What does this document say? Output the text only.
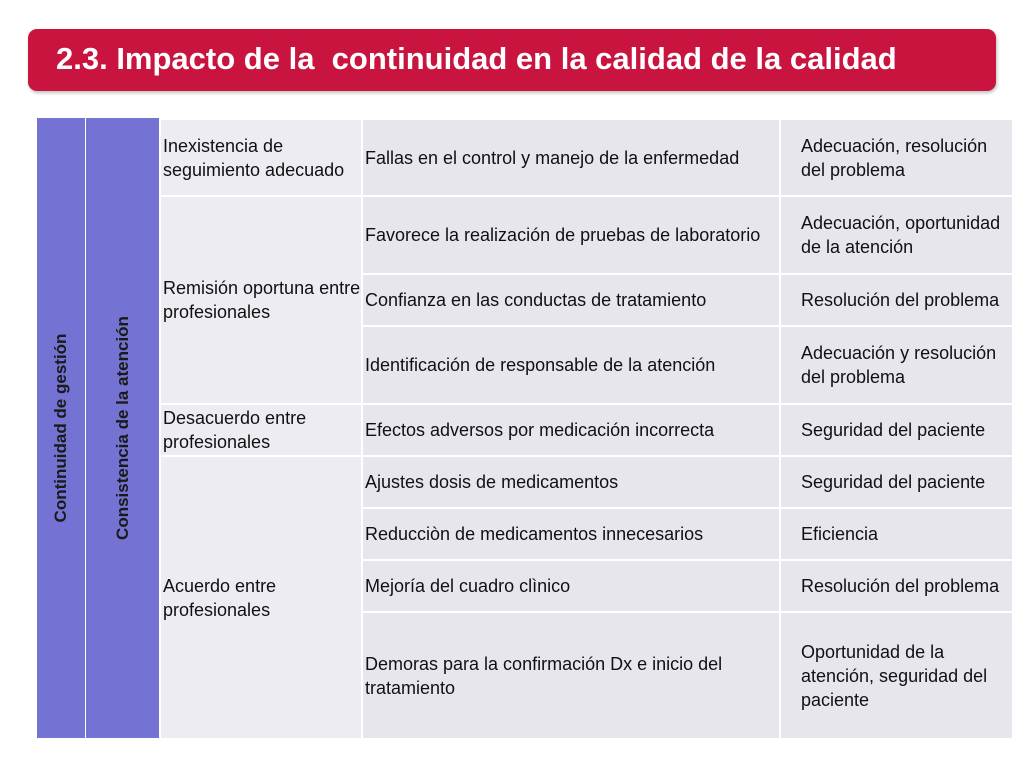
2.3. Impacto de la  continuidad en la calidad de la calidad
Continuidad de gestión	Consistencia de la atención
Inexistencia de seguimiento adecuado	Fallas en el control y manejo de la enfermedad	Adecuación, resolución del problema
Remisión oportuna entre profesionales	Favorece la realización de pruebas de laboratorio	Adecuación, oportunidad de la atención
	Confianza en las conductas de tratamiento	Resolución del problema
	Identificación de responsable de la atención	Adecuación y resolución del problema
Desacuerdo entre profesionales	Efectos adversos por medicación incorrecta	Seguridad del paciente
Acuerdo entre profesionales	Ajustes dosis de medicamentos	Seguridad del paciente
	Reducciòn de medicamentos innecesarios	Eficiencia
	Mejoría del cuadro clìnico	Resolución del problema
	Demoras para la confirmación Dx e inicio del tratamiento	Oportunidad de la atención, seguridad del paciente
